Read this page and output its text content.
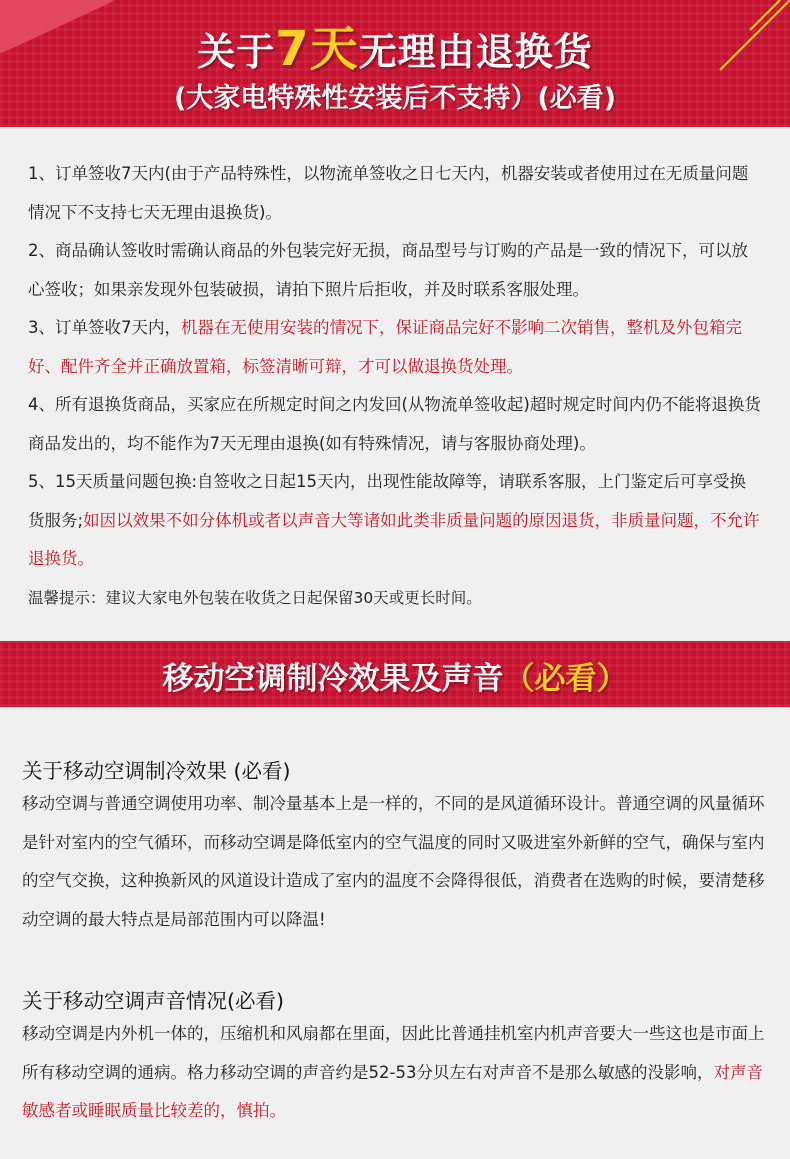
关于7天无理由退换货
(大家电特殊性安装后不支持）(必看)

1、订单签收7天内(由于产品特殊性，以物流单签收之日七天内，机器安装或者使用过在无质量问题情况下不支持七天无理由退换货)。

2、商品确认签收时需确认商品的外包装完好无损，商品型号与订购的产品是一致的情况下，可以放心签收；如果亲发现外包装破损，请拍下照片后拒收，并及时联系客服处理。

3、订单签收7天内，机器在无使用安装的情况下，保证商品完好不影响二次销售，整机及外包箱完好、配件齐全并正确放置箱，标签清晰可辩，才可以做退换货处理。

4、所有退换货商品，买家应在所规定时间之内发回(从物流单签收起)超时规定时间内仍不能将退换货商品发出的，均不能作为7天无理由退换(如有特殊情况，请与客服协商处理)。

5、15天质量问题包换:自签收之日起15天内，出现性能故障等，请联系客服，上门鉴定后可享受换货服务;如因以效果不如分体机或者以声音大等诸如此类非质量问题的原因退货，非质量问题，不允许退换货。

温馨提示：建议大家电外包装在收货之日起保留30天或更长时间。

移动空调制冷效果及声音（必看）

关于移动空调制冷效果 (必看)

移动空调与普通空调使用功率、制冷量基本上是一样的，不同的是风道循环设计。普通空调的风量循环是针对室内的空气循环，而移动空调是降低室内的空气温度的同时又吸进室外新鲜的空气，确保与室内的空气交换，这种换新风的风道设计造成了室内的温度不会降得很低，消费者在选购的时候，要清楚移动空调的最大特点是局部范围内可以降温!

关于移动空调声音情况(必看)

移动空调是内外机一体的，压缩机和风扇都在里面，因此比普通挂机室内机声音要大一些这也是市面上所有移动空调的通病。格力移动空调的声音约是52-53分贝左右对声音不是那么敏感的没影响，对声音敏感者或睡眠质量比较差的，慎拍。
